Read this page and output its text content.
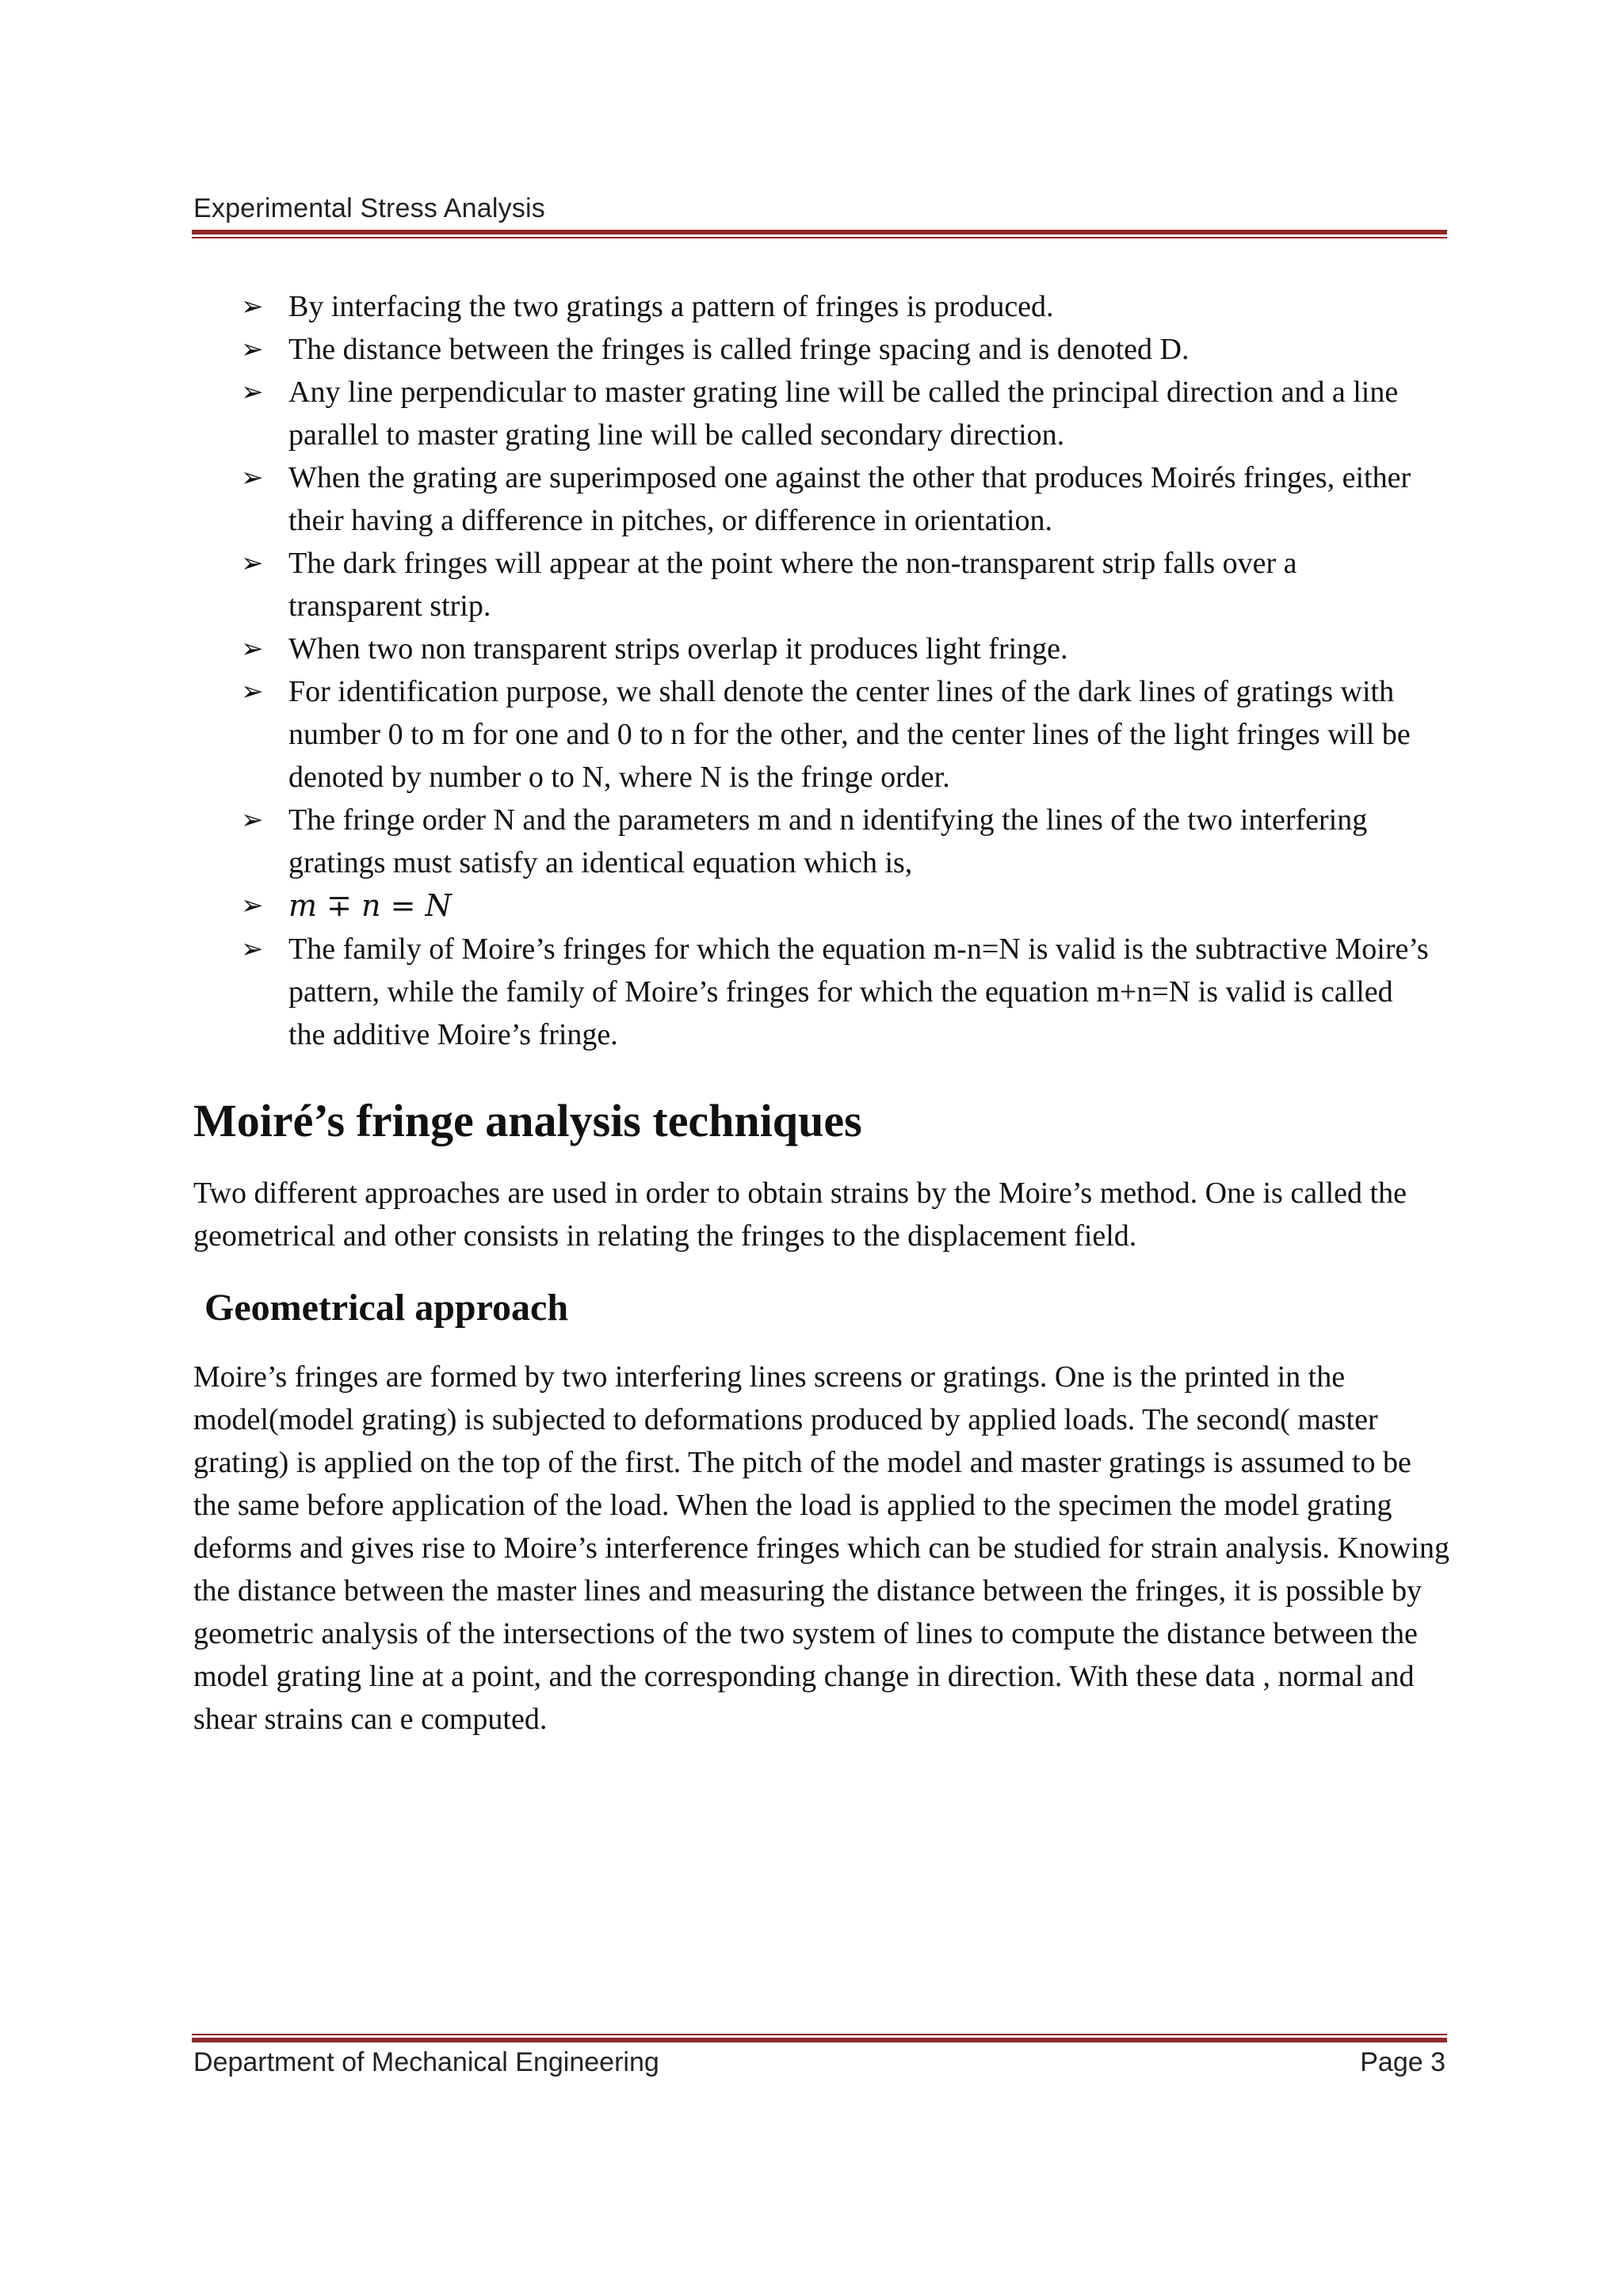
Experimental Stress Analysis
➢ By interfacing the two gratings a pattern of fringes is produced.
➢ The distance between the fringes is called fringe spacing and is denoted D.
➢ Any line perpendicular to master grating line will be called the principal direction and a line parallel to master grating line will be called secondary direction.
➢ When the grating are superimposed one against the other that produces Moirés fringes, either their having a difference in pitches, or difference in orientation.
➢ The dark fringes will appear at the point where the non-transparent strip falls over a transparent strip.
➢ When two non transparent strips overlap it produces light fringe.
➢ For identification purpose, we shall denote the center lines of the dark lines of gratings with number 0 to m for one and 0 to n for the other, and the center lines of the light fringes will be denoted by number o to N, where N is the fringe order.
➢ The fringe order N and the parameters m and n identifying the lines of the two interfering gratings must satisfy an identical equation which is,
➢ m ∓ n = N
➢ The family of Moire’s fringes for which the equation m-n=N is valid is the subtractive Moire’s pattern, while the family of Moire’s fringes for which the equation m+n=N is valid is called the additive Moire’s fringe.
Moiré’s fringe analysis techniques

Two different approaches are used in order to obtain strains by the Moire’s method. One is called the geometrical and other consists in relating the fringes to the displacement field.

Geometrical approach

Moire’s fringes are formed by two interfering lines screens or gratings. One is the printed in the model(model grating) is subjected to deformations produced by applied loads. The second( master grating) is applied on the top of the first. The pitch of the model and master gratings is assumed to be the same before application of the load. When the load is applied to the specimen the model grating deforms and gives rise to Moire’s interference fringes which can be studied for strain analysis. Knowing the distance between the master lines and measuring the distance between the fringes, it is possible by geometric analysis of the intersections of the two system of lines to compute the distance between the model grating line at a point, and the corresponding change in direction. With these data , normal and shear strains can e computed.

Department of Mechanical Engineering	Page 3
